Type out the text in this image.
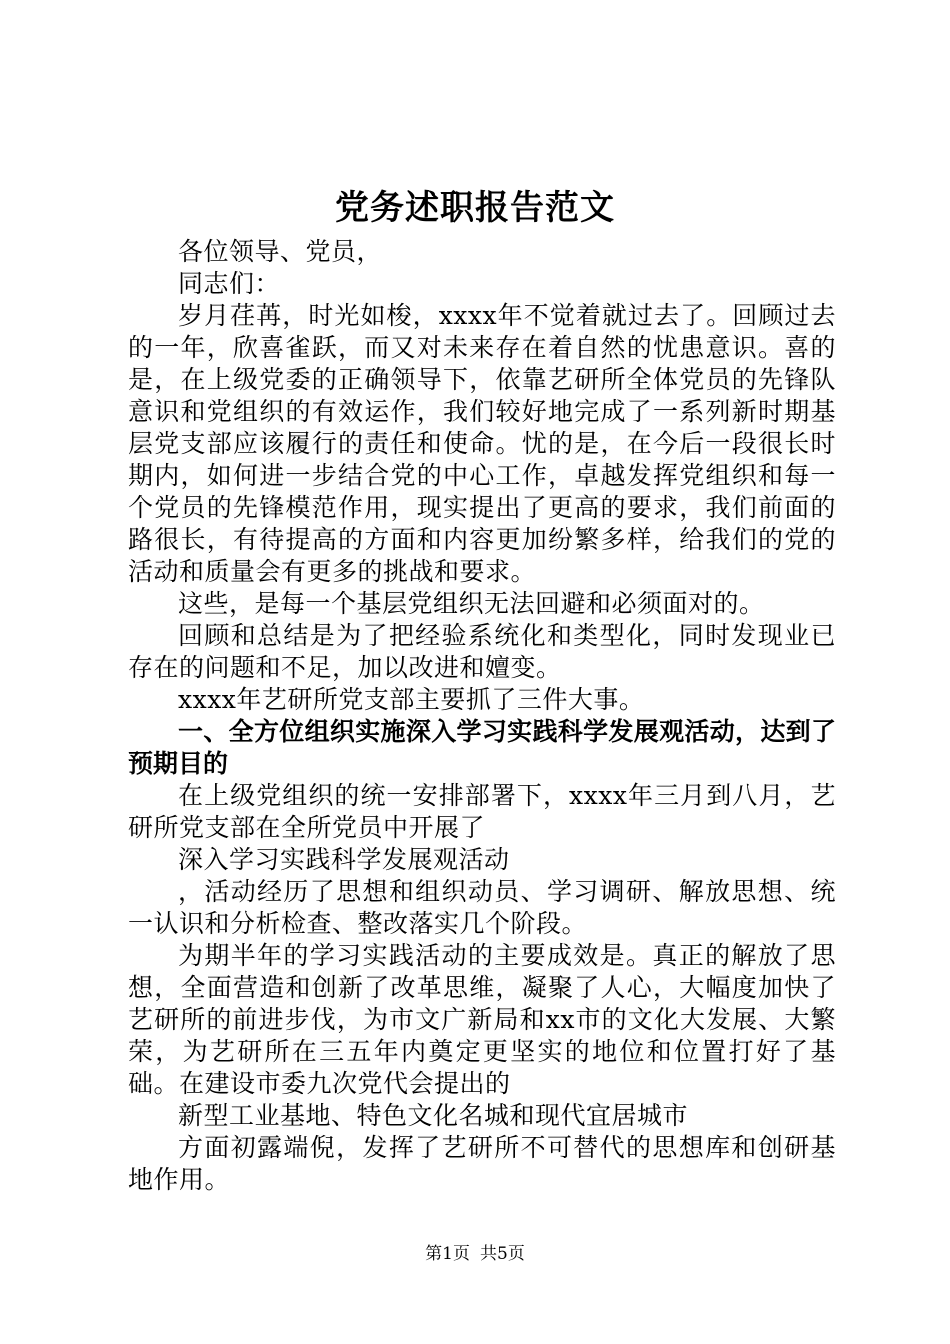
党务述职报告范文

各位领导、党员，

同志们：

岁月荏苒，时光如梭，xxxx年不觉着就过去了。回顾过去的一年，欣喜雀跃，而又对未来存在着自然的忧患意识。喜的是，在上级党委的正确领导下，依靠艺研所全体党员的先锋队意识和党组织的有效运作，我们较好地完成了一系列新时期基层党支部应该履行的责任和使命。忧的是，在今后一段很长时期内，如何进一步结合党的中心工作，卓越发挥党组织和每一个党员的先锋模范作用，现实提出了更高的要求，我们前面的路很长，有待提高的方面和内容更加纷繁多样，给我们的党的活动和质量会有更多的挑战和要求。

这些，是每一个基层党组织无法回避和必须面对的。

回顾和总结是为了把经验系统化和类型化，同时发现业已存在的问题和不足，加以改进和嬗变。

xxxx年艺研所党支部主要抓了三件大事。

一、全方位组织实施深入学习实践科学发展观活动，达到了预期目的

在上级党组织的统一安排部署下，xxxx年三月到八月，艺研所党支部在全所党员中开展了

深入学习实践科学发展观活动

，活动经历了思想和组织动员、学习调研、解放思想、统一认识和分析检查、整改落实几个阶段。

为期半年的学习实践活动的主要成效是。真正的解放了思想，全面营造和创新了改革思维，凝聚了人心，大幅度加快了艺研所的前进步伐，为市文广新局和xx市的文化大发展、大繁荣，为艺研所在三五年内奠定更坚实的地位和位置打好了基础。在建设市委九次党代会提出的

新型工业基地、特色文化名城和现代宜居城市

方面初露端倪，发挥了艺研所不可替代的思想库和创研基地作用。

第1页 共5页
